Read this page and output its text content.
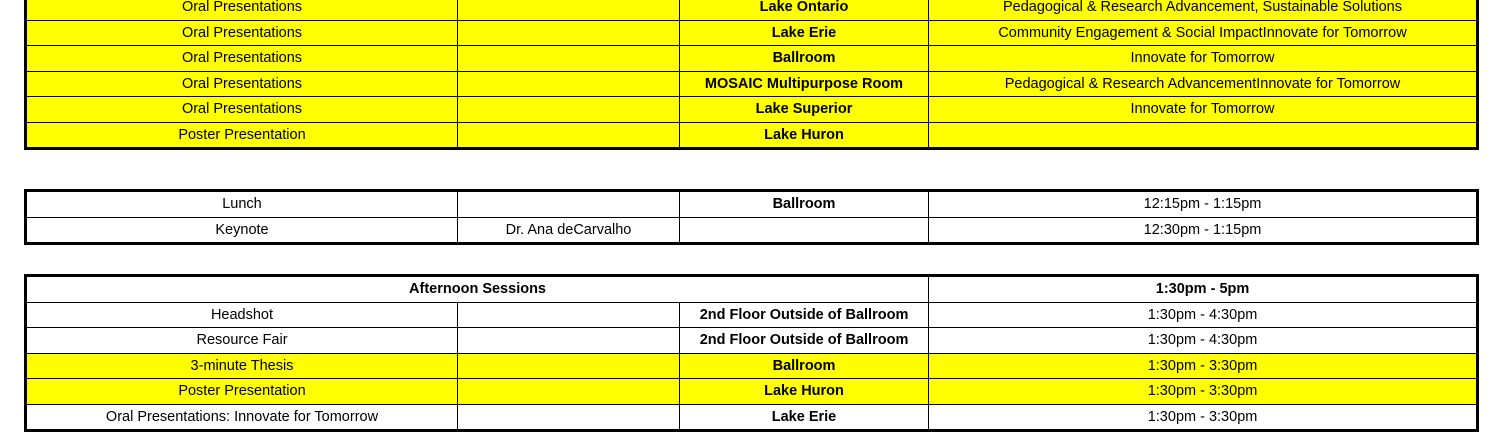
Oral Presentations		Lake Ontario	Pedagogical & Research Advancement, Sustainable Solutions
Oral Presentations		Lake Erie	Community Engagement & Social ImpactInnovate for Tomorrow
Oral Presentations		Ballroom	Innovate for Tomorrow
Oral Presentations		MOSAIC Multipurpose Room	Pedagogical & Research AdvancementInnovate for Tomorrow
Oral Presentations		Lake Superior	Innovate for Tomorrow
Poster Presentation		Lake Huron	
Lunch		Ballroom	12:15pm - 1:15pm
Keynote	Dr. Ana deCarvalho		12:30pm - 1:15pm
Afternoon Sessions			1:30pm - 5pm
Headshot		2nd Floor Outside of Ballroom	1:30pm - 4:30pm
Resource Fair		2nd Floor Outside of Ballroom	1:30pm - 4:30pm
3-minute Thesis		Ballroom	1:30pm - 3:30pm
Poster Presentation		Lake Huron	1:30pm - 3:30pm
Oral Presentations: Innovate for Tomorrow		Lake Erie	1:30pm - 3:30pm
